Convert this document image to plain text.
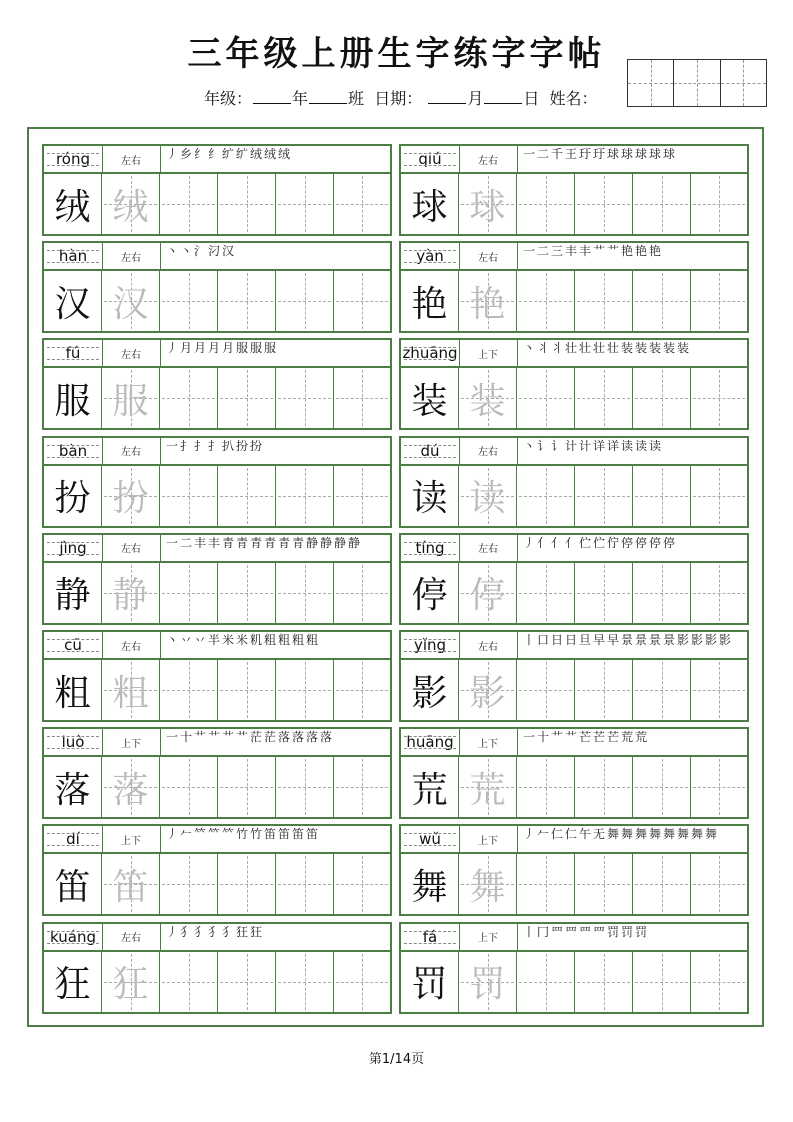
三年级上册生字练字字帖
年级：	年	班 日期：	月	日 姓名：
róng	左右	丿乡纟纟纩纩绒绒绒
绒 绒
qiú	左右	一二千王玗玗球球球球球
球 球
hàn	左右	丶丶氵汈汉
汉 汉
yàn	左右	一二三丰丰艹艹艳艳艳
艳 艳
fú	左右	丿月月月月服服服
服 服
zhuāng	上下	丶丬丬壮壮壮壮装装装装装
装 装
bàn	左右	一扌扌扌扒扮扮
扮 扮
dú	左右	丶讠讠计计详详读读读
读 读
jìng	左右	一二丰丰青青青青青青静静静静
静 静
tíng	左右	丿亻亻亻伫伫佇停停停停
停 停
cū	左右	丶丷丷半米米籶粗粗粗粗
粗 粗
yǐng	左右	丨口日日旦早早景景景景影影影影
影 影
luò	上下	一十艹艹艹艹茫茫落落落落
落 落
huāng	上下	一十艹艹芒芒芒荒荒
荒 荒
dí	上下	丿𠂉𥫗𥫗𥫗竹竹笛笛笛笛
笛 笛
wǔ	上下	丿𠂉仁仁午无舞舞舞舞舞舞舞舞
舞 舞
kuáng	左右	丿犭犭犭犭狂狂
狂 狂
fá	上下	丨冂罒罒罒罒罚罚罚
罚 罚
第1/14页
